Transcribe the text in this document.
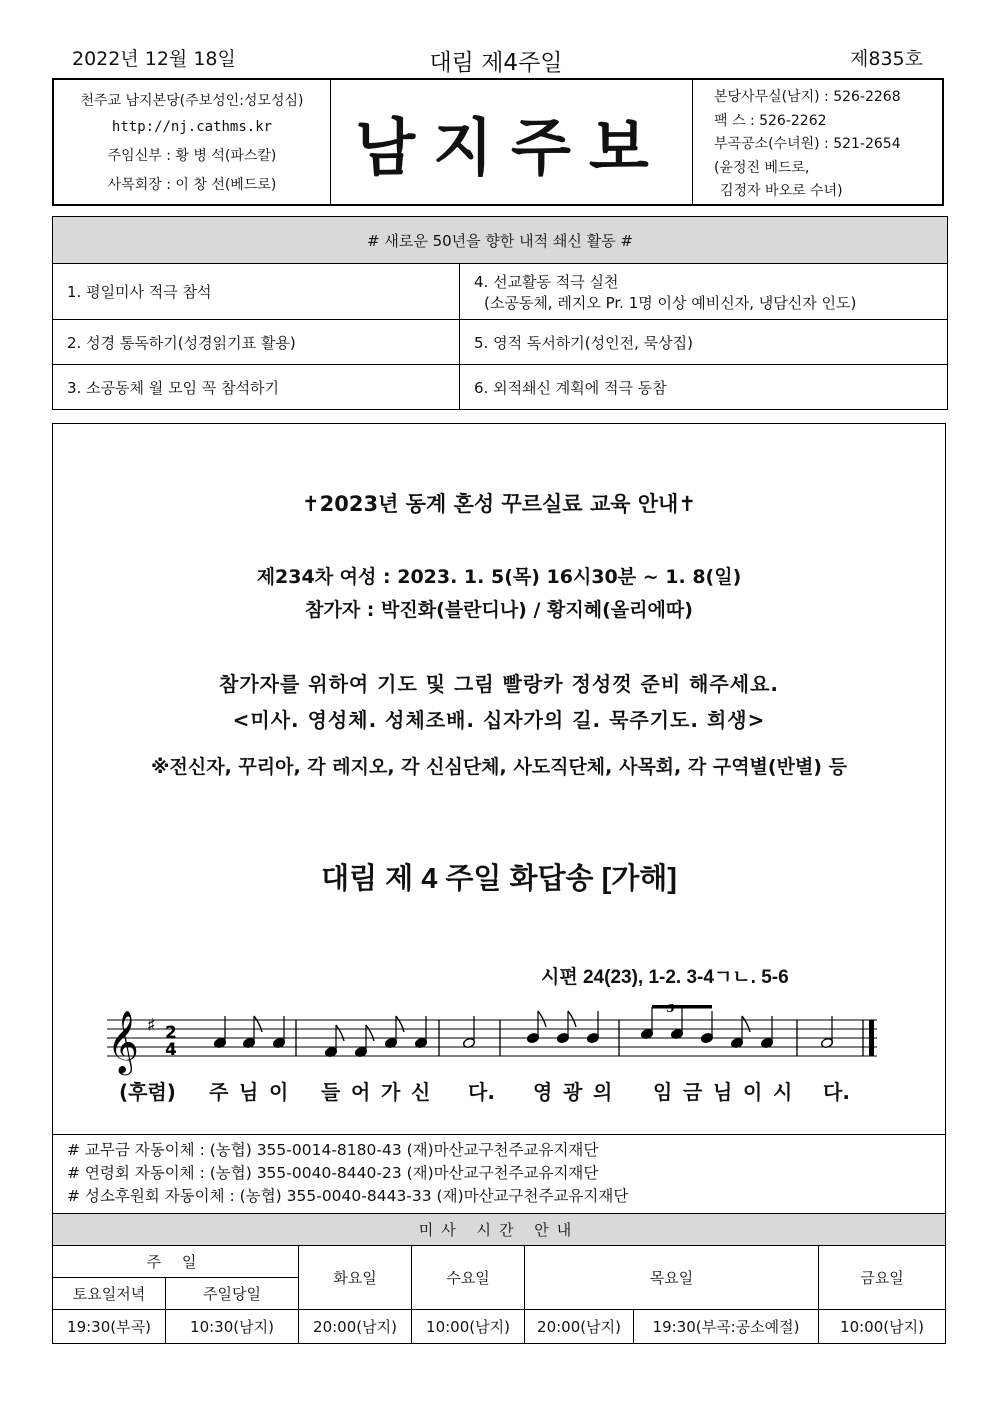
2022년 12월 18일	대림 제4주일	제835호
천주교 남지본당(주보성인:성모성심)
http://nj.cathms.kr
주임신부 : 황 병 석(파스칼)
사목회장 : 이 창 선(베드로)
남지주보
본당사무실(남지) : 526-2268
팩 스 : 526-2262
부곡공소(수녀원) : 521-2654
(윤정진 베드로,
김정자 바오로 수녀)
# 새로운 50년을 향한 내적 쇄신 활동 #	
1. 평일미사 적극 참석	4. 선교활동 적극 실천
(소공동체, 레지오 Pr. 1명 이상 예비신자, 냉담신자 인도)

2. 성경 통독하기(성경읽기표 활용)	5. 영적 독서하기(성인전, 묵상집)
3. 소공동체 월 모임 꼭 참석하기	6. 외적쇄신 계획에 적극 동참
✝2023년 동계 혼성 꾸르실료 교육 안내✝
제234차 여성 : 2023. 1. 5(목) 16시30분 ~ 1. 8(일)
참가자 : 박진화(블란디나) / 황지혜(올리에따)
참가자를 위하여 기도 및 그림 빨랑카 정성껏 준비 해주세요.
<미사. 영성체. 성체조배. 십자가의 길. 묵주기도. 희생>
※전신자, 꾸리아, 각 레지오, 각 신심단체, 사도직단체, 사목회, 각 구역별(반별) 등
대림 제 4 주일 화답송 [가해]
시편 24(23), 1-2. 3-4ㄱㄴ. 5-6
𝄞 ♯ 2
4
3
(후렴) 주 님 이 들 어 가 신 다. 영 광 의 임 금 님 이 시 다.
# 교무금 자동이체 : (농협) 355-0014-8180-43 (재)마산교구천주교유지재단
# 연령회 자동이체 : (농협) 355-0040-8440-23 (재)마산교구천주교유지재단
# 성소후원회 자동이체 : (농협) 355-0040-8443-33 (재)마산교구천주교유지재단
미사 시간 안내						
주 일		화요일	수요일	목요일		금요일
토요일저녁	주일당일					
19:30(부곡)	10:30(남지)	20:00(남지)	10:00(남지)	20:00(남지)	19:30(부곡:공소예절)	10:00(남지)
